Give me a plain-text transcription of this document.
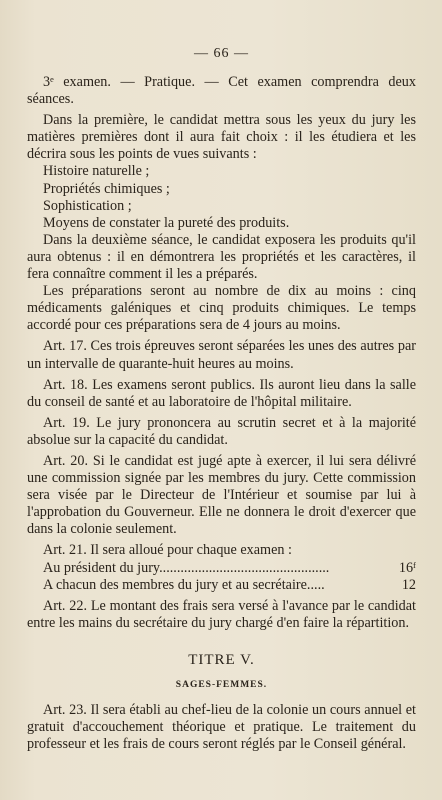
— 66 —

3ᵉ examen. — Pratique. — Cet examen comprendra deux séances.

Dans la première, le candidat mettra sous les yeux du jury les matières premières dont il aura fait choix : il les étudiera et les décrira sous les points de vues suivants :

Histoire naturelle ;

Propriétés chimiques ;

Sophistication ;

Moyens de constater la pureté des produits.

Dans la deuxième séance, le candidat exposera les produits qu'il aura obtenus : il en démontrera les propriétés et les caractères, il fera connaître comment il les a préparés.

Les préparations seront au nombre de dix au moins : cinq médicaments galéniques et cinq produits chimiques. Le temps accordé pour ces préparations sera de 4 jours au moins.

Art. 17. Ces trois épreuves seront séparées les unes des autres par un intervalle de quarante-huit heures au moins.

Art. 18. Les examens seront publics. Ils auront lieu dans la salle du conseil de santé et au laboratoire de l'hôpital militaire.

Art. 19. Le jury prononcera au scrutin secret et à la majorité absolue sur la capacité du candidat.

Art. 20. Si le candidat est jugé apte à exercer, il lui sera délivré une commission signée par les membres du jury. Cette commission sera visée par le Directeur de l'Intérieur et soumise par lui à l'approbation du Gouverneur. Elle ne donnera le droit d'exercer que dans la colonie seulement.

Art. 21. Il sera alloué pour chaque examen :

Au président du jury................................................	16ᶠ
A chacun des membres du jury et au secrétaire.....	12

Art. 22. Le montant des frais sera versé à l'avance par le candidat entre les mains du secrétaire du jury chargé d'en faire la répartition.

TITRE V.
SAGES-FEMMES.

Art. 23. Il sera établi au chef-lieu de la colonie un cours annuel et gratuit d'accouchement théorique et pratique. Le traitement du professeur et les frais de cours seront réglés par le Conseil général.
